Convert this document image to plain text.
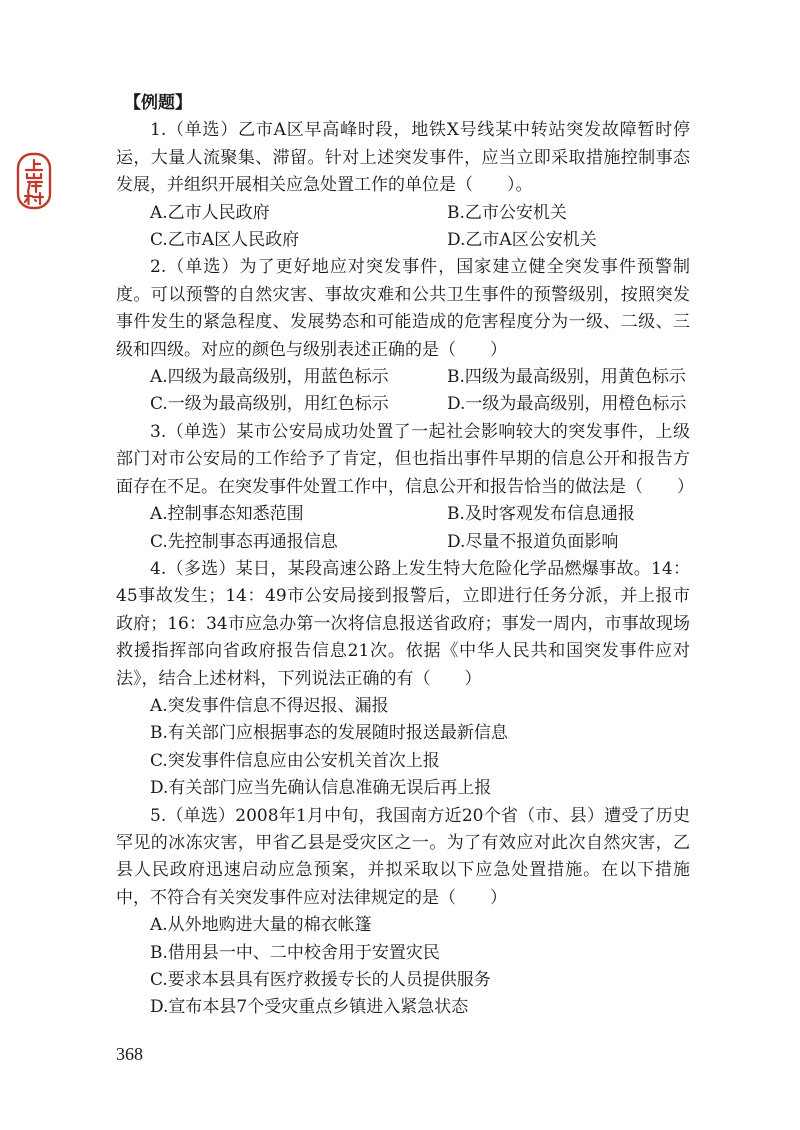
【例题】
1.（单选）乙市A区早高峰时段，地铁X号线某中转站突发故障暂时停运，大量人流聚集、滞留。针对上述突发事件，应当立即采取措施控制事态发展，并组织开展相关应急处置工作的单位是（　　）。
A.乙市人民政府	B.乙市公安机关
C.乙市A区人民政府	D.乙市A区公安机关
2.（单选）为了更好地应对突发事件，国家建立健全突发事件预警制度。可以预警的自然灾害、事故灾难和公共卫生事件的预警级别，按照突发事件发生的紧急程度、发展势态和可能造成的危害程度分为一级、二级、三级和四级。对应的颜色与级别表述正确的是（　　）
A.四级为最高级别，用蓝色标示	B.四级为最高级别，用黄色标示
C.一级为最高级别，用红色标示	D.一级为最高级别，用橙色标示
3.（单选）某市公安局成功处置了一起社会影响较大的突发事件，上级部门对市公安局的工作给予了肯定，但也指出事件早期的信息公开和报告方面存在不足。在突发事件处置工作中，信息公开和报告恰当的做法是（　　）
A.控制事态知悉范围	B.及时客观发布信息通报
C.先控制事态再通报信息	D.尽量不报道负面影响
4.（多选）某日，某段高速公路上发生特大危险化学品燃爆事故。14：45事故发生；14：49市公安局接到报警后，立即进行任务分派，并上报市政府；16：34市应急办第一次将信息报送省政府；事发一周内，市事故现场救援指挥部向省政府报告信息21次。依据《中华人民共和国突发事件应对法》，结合上述材料，下列说法正确的有（　　）
A.突发事件信息不得迟报、漏报
B.有关部门应根据事态的发展随时报送最新信息
C.突发事件信息应由公安机关首次上报
D.有关部门应当先确认信息准确无误后再上报
5.（单选）2008年1月中旬，我国南方近20个省（市、县）遭受了历史罕见的冰冻灾害，甲省乙县是受灾区之一。为了有效应对此次自然灾害，乙县人民政府迅速启动应急预案，并拟采取以下应急处置措施。在以下措施中，不符合有关突发事件应对法律规定的是（　　）
A.从外地购进大量的棉衣帐篷
B.借用县一中、二中校舍用于安置灾民
C.要求本县具有医疗救援专长的人员提供服务
D.宣布本县7个受灾重点乡镇进入紧急状态
368
